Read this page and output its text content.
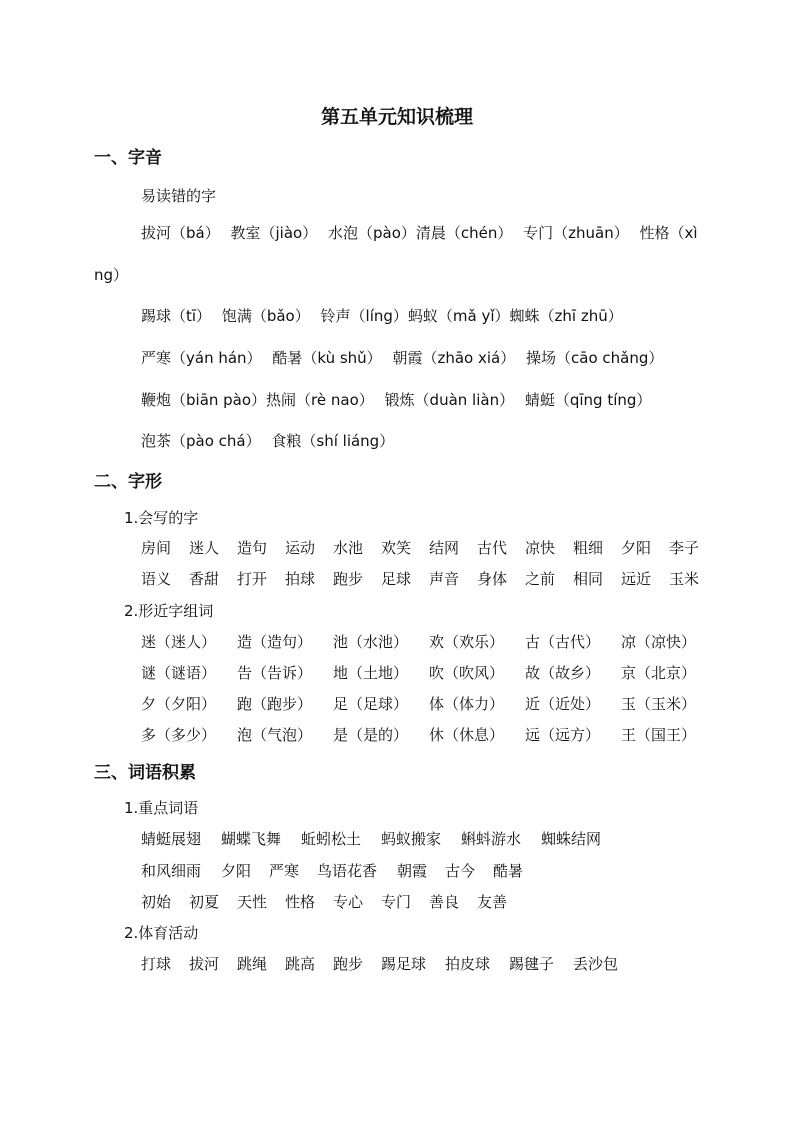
第五单元知识梳理
一、字音
易读错的字
拔河（bá） 教室（jiào） 水泡（pào）清晨（chén） 专门（zhuān） 性格（xì
ng）
踢球（tī） 饱满（bǎo） 铃声（líng）蚂蚁（mǎ yǐ）蜘蛛（zhī zhū）
严寒（yán hán） 酷暑（kù shǔ） 朝霞（zhāo xiá） 操场（cāo chǎng）
鞭炮（biān pào）热闹（rè nao） 锻炼（duàn liàn） 蜻蜓（qīng tíng）
泡茶（pào chá） 食粮（shí liáng）
二、字形
1.会写的字
房间 迷人 造句 运动 水池 欢笑 结网 古代 凉快 粗细 夕阳 李子
语义 香甜 打开 拍球 跑步 足球 声音 身体 之前 相同 远近 玉米
2.形近字组词
迷（迷人） 造（造句） 池（水池） 欢（欢乐） 古（古代） 凉（凉快）
谜（谜语） 告（告诉） 地（土地） 吹（吹风） 故（故乡） 京（北京）
夕（夕阳） 跑（跑步） 足（足球） 体（体力） 近（近处） 玉（玉米）
多（多少） 泡（气泡） 是（是的） 休（休息） 远（远方） 王（国王）
三、词语积累
1.重点词语
蜻蜓展翅 蝴蝶飞舞 蚯蚓松土 蚂蚁搬家 蝌蚪游水 蜘蛛结网
和风细雨 夕阳 严寒 鸟语花香 朝霞 古今 酷暑
初始 初夏 天性 性格 专心 专门 善良 友善
2.体育活动
打球 拔河 跳绳 跳高 跑步 踢足球 拍皮球 踢毽子 丢沙包
